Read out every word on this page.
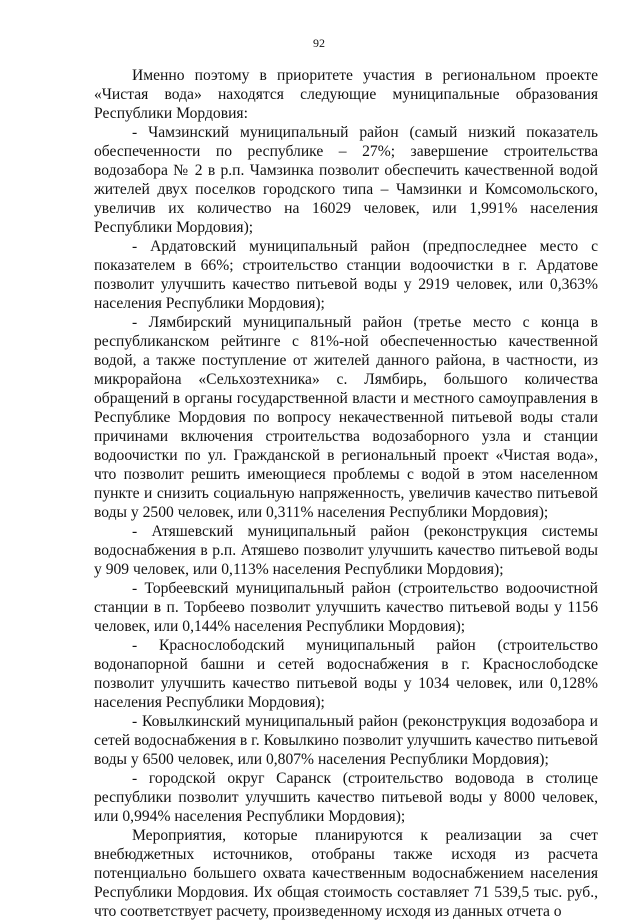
92

Именно поэтому в приоритете участия в региональном проекте «Чистая вода» находятся следующие муниципальные образования Республики Мордовия:

- Чамзинский муниципальный район (самый низкий показатель обеспеченности по республике – 27%; завершение строительства водозабора № 2 в р.п. Чамзинка позволит обеспечить качественной водой жителей двух поселков городского типа – Чамзинки и Комсомольского, увеличив их количество на 16029 человек, или 1,991% населения Республики Мордовия);

- Ардатовский муниципальный район (предпоследнее место с показателем в 66%; строительство станции водоочистки в г. Ардатове позволит улучшить качество питьевой воды у 2919 человек, или 0,363% населения Республики Мордовия);

- Лямбирский муниципальный район (третье место с конца в республиканском рейтинге с 81%-ной обеспеченностью качественной водой, а также поступление от жителей данного района, в частности, из микрорайона «Сельхозтехника» с. Лямбирь, большого количества обращений в органы государственной власти и местного самоуправления в Республике Мордовия по вопросу некачественной питьевой воды стали причинами включения строительства водозаборного узла и станции водоочистки по ул. Гражданской в региональный проект «Чистая вода», что позволит решить имеющиеся проблемы с водой в этом населенном пункте и снизить социальную напряженность, увеличив качество питьевой воды у 2500 человек, или 0,311% населения Республики Мордовия);

- Атяшевский муниципальный район (реконструкция системы водоснабжения в р.п. Атяшево позволит улучшить качество питьевой воды у 909 человек, или 0,113% населения Республики Мордовия);

- Торбеевский муниципальный район (строительство водоочистной станции в п. Торбеево позволит улучшить качество питьевой воды у 1156 человек, или 0,144% населения Республики Мордовия);

- Краснослободский муниципальный район (строительство водонапорной башни и сетей водоснабжения в г. Краснослободске позволит улучшить качество питьевой воды у 1034 человек, или 0,128% населения Республики Мордовия);

- Ковылкинский муниципальный район (реконструкция водозабора и сетей водоснабжения в г. Ковылкино позволит улучшить качество питьевой воды у 6500 человек, или 0,807% населения Республики Мордовия);

- городской округ Саранск (строительство водовода в столице республики позволит улучшить качество питьевой воды у 8000 человек, или 0,994% населения Республики Мордовия);

Мероприятия, которые планируются к реализации за счет внебюджетных источников, отобраны также исходя из расчета потенциально большего охвата качественным водоснабжением населения Республики Мордовия. Их общая стоимость составляет 71 539,5 тыс. руб., что соответствует расчету, произведенному исходя из данных отчета о
